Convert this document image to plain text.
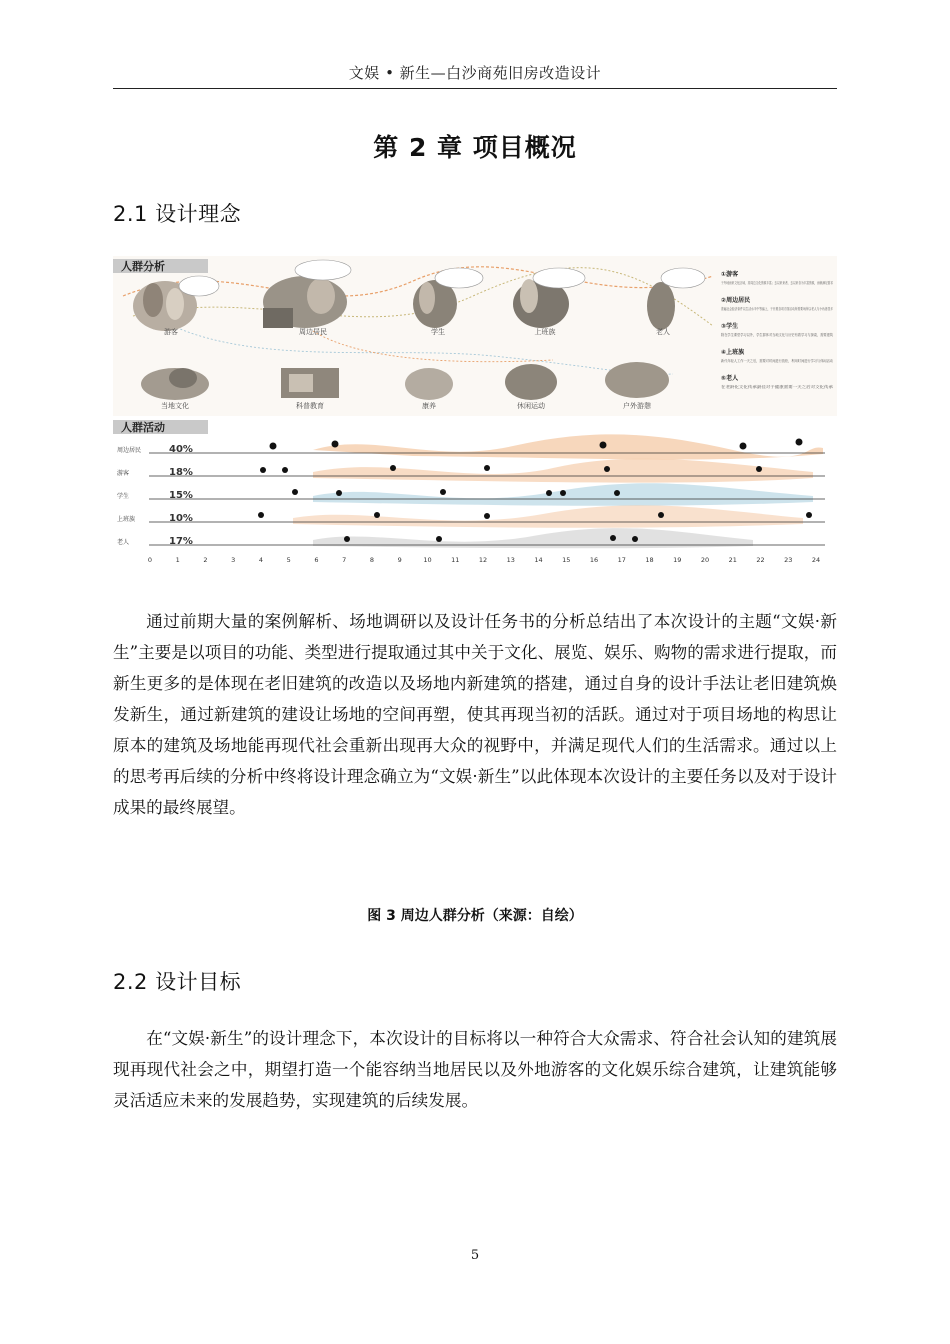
文娱 • 新生—白沙商苑旧房改造设计
第 2 章 项目概况
2.1 设计理念
人群分析
游客	周边居民	学生	上班族	老人
当地文化	科普教育	康养	休闲运动	户外游憩
①游客
于外地而来文化区域，其周边文化资源丰富；去以来来者，去以来各为丰富资源，而就满足需求
②周边居民
普遍社会经济条件以生活水平中等偏上，于开展各项方面活动所需要场所以老人与小孩者居多
③学生
除在学生课堂学习以外，学生群体对当地文化与历史有着学习与探索，需要建筑
④上班族
新代年轻人工作一天之后，需要对时间进行放松，利用时间进行学习与休闲活动
⑤老人
在老龄化文化传承最佳对于健康需要一天之后对文化传承
人群活动
周边居民	40%
游客	18%
学生	15%
上班族	10%
老人	17%
0	1	2	3	4	5	6	7	8	9	10	11	12	13	14	15	16	17	18	19	20	21	22	23	24

通过前期大量的案例解析、场地调研以及设计任务书的分析总结出了本次设计的主题“文娱·新生”主要是以项目的功能、类型进行提取通过其中关于文化、展览、娱乐、购物的需求进行提取，而新生更多的是体现在老旧建筑的改造以及场地内新建筑的搭建，通过自身的设计手法让老旧建筑焕发新生，通过新建筑的建设让场地的空间再塑，使其再现当初的活跃。通过对于项目场地的构思让原本的建筑及场地能再现代社会重新出现再大众的视野中，并满足现代人们的生活需求。通过以上的思考再后续的分析中终将设计理念确立为“文娱·新生”以此体现本次设计的主要任务以及对于设计成果的最终展望。

图 3 周边人群分析（来源：自绘）
2.2 设计目标

在“文娱·新生”的设计理念下，本次设计的目标将以一种符合大众需求、符合社会认知的建筑展现再现代社会之中，期望打造一个能容纳当地居民以及外地游客的文化娱乐综合建筑，让建筑能够灵活适应未来的发展趋势，实现建筑的后续发展。

5
